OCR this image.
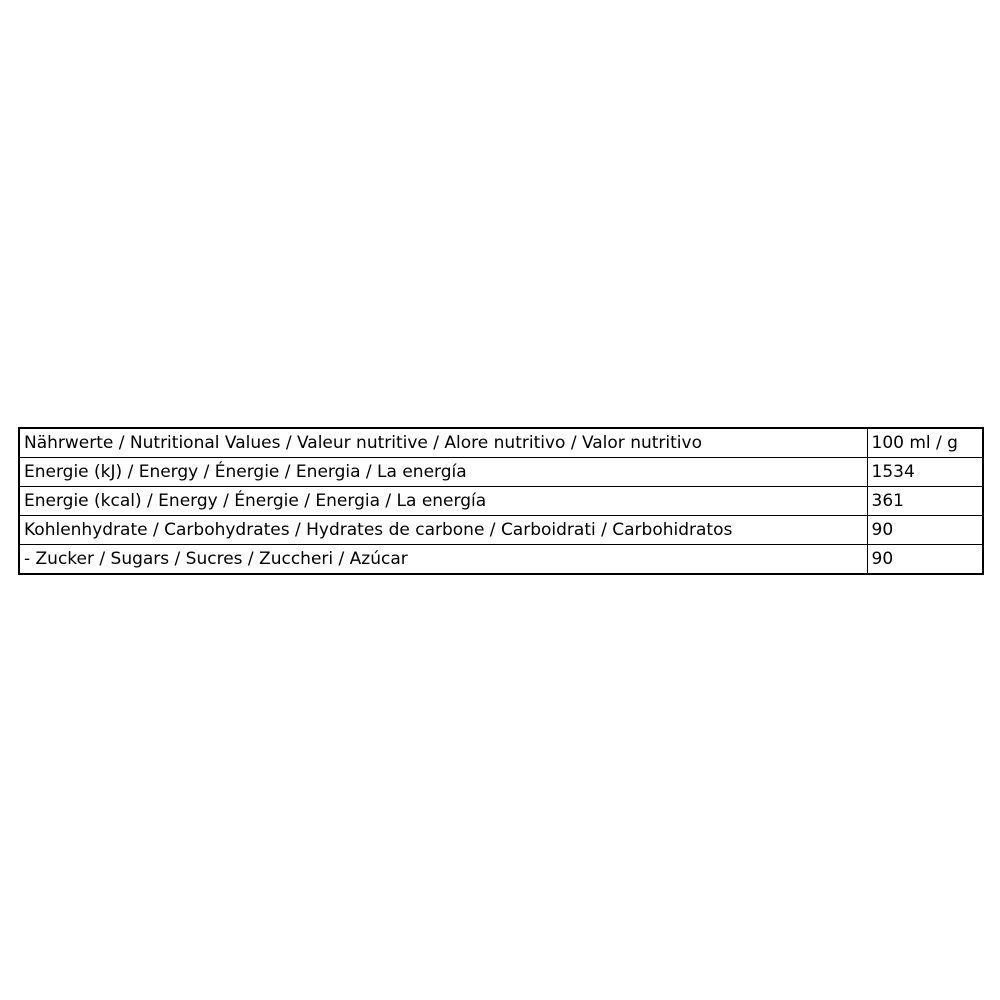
Nährwerte / Nutritional Values / Valeur nutritive / Alore nutritivo / Valor nutritivo	100 ml / g
Energie (kJ) / Energy / Énergie / Energia / La energía	1534
Energie (kcal) / Energy / Énergie / Energia / La energía	361
Kohlenhydrate / Carbohydrates / Hydrates de carbone / Carboidrati / Carbohidratos	90
- Zucker / Sugars / Sucres / Zuccheri / Azúcar	90
